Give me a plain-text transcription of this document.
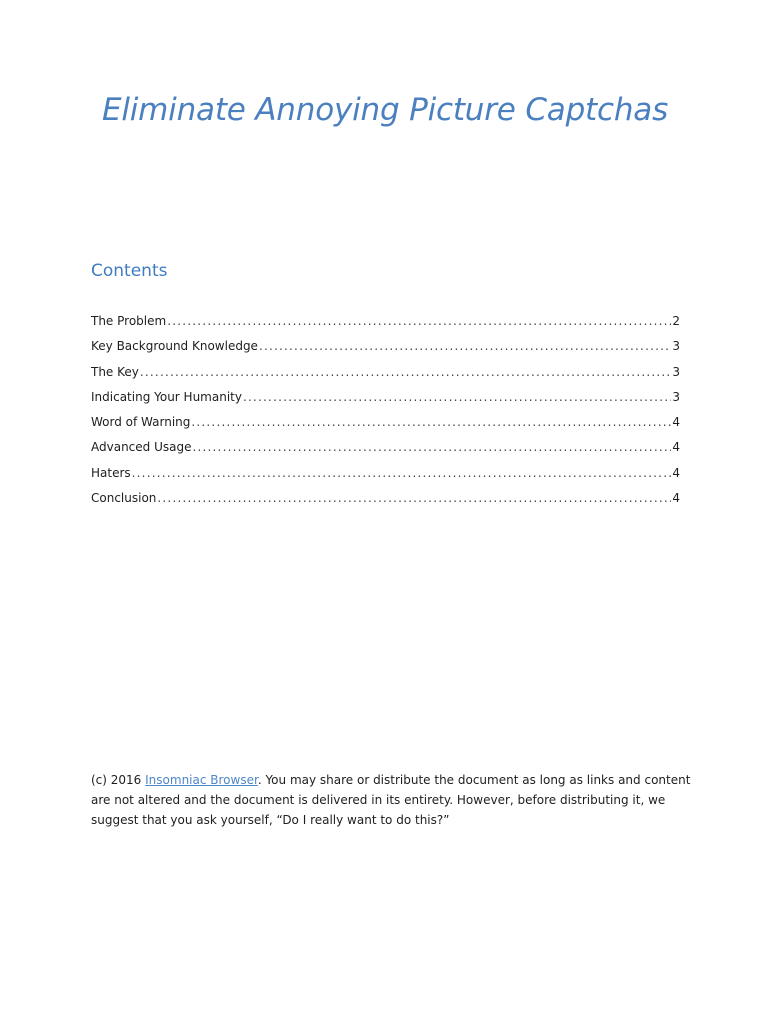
Eliminate Annoying Picture Captchas
Contents
The Problem .....	2
Key Background Knowledge .....	3
The Key .....	3
Indicating Your Humanity .....	3
Word of Warning .....	4
Advanced Usage .....	4
Haters .....	4
Conclusion .....	4
(c) 2016 Insomniac Browser. You may share or distribute the document as long as links and content are not altered and the document is delivered in its entirety. However, before distributing it, we suggest that you ask yourself, “Do I really want to do this?”
